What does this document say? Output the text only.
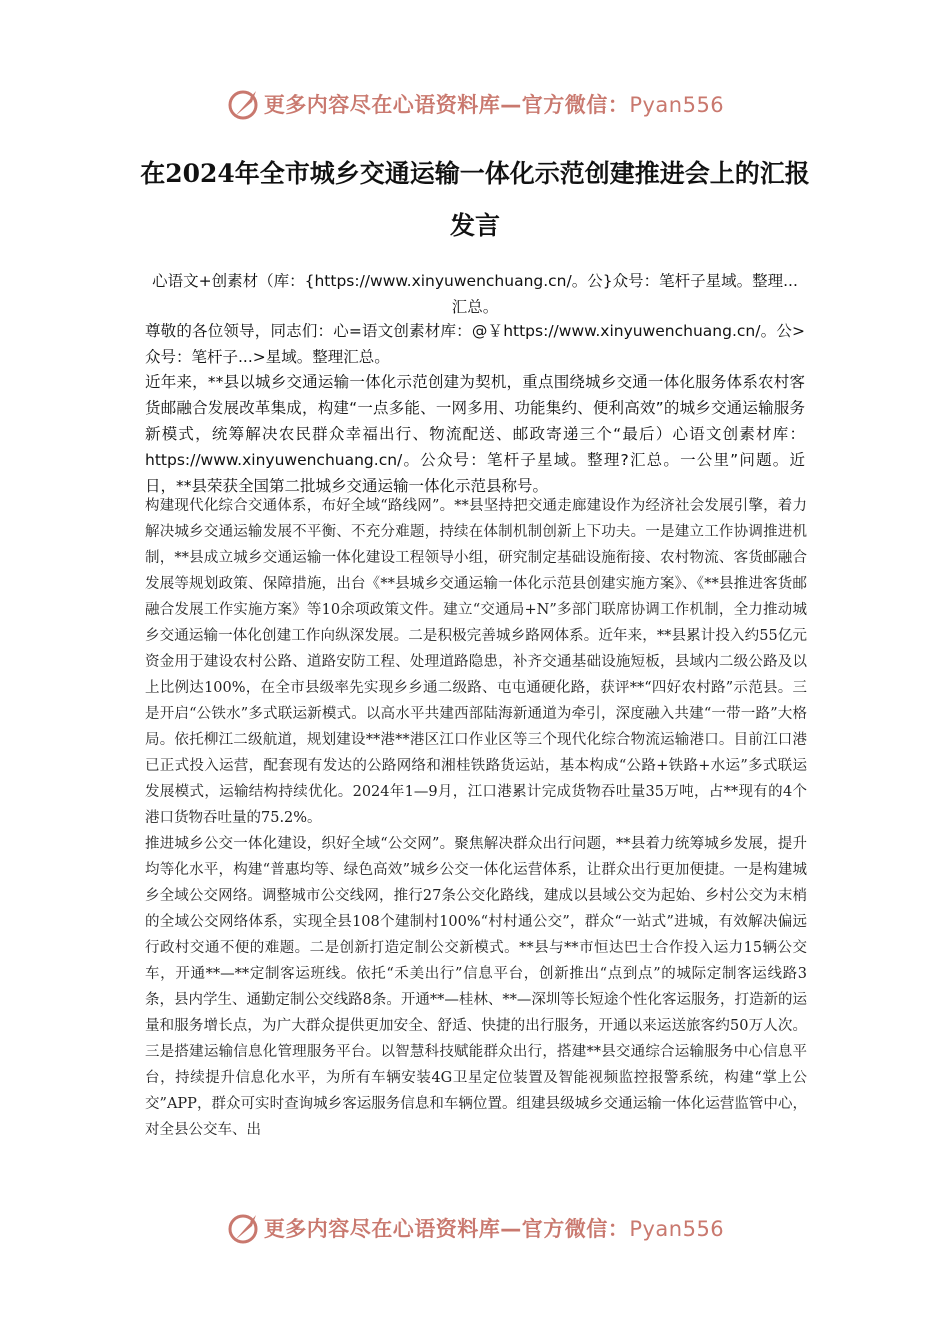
更多内容尽在心语资料库—官方微信：Pyan556
在2024年全市城乡交通运输一体化示范创建推进会上的汇报发言

心语文+创素材（库：{https://www.xinyuwenchuang.cn/。公}众号：笔杆子星域。整理...汇总。

尊敬的各位领导，同志们：心=语文创素材库：@￥https://www.xinyuwenchuang.cn/。公>众号：笔杆子...>星域。整理汇总。

近年来，**县以城乡交通运输一体化示范创建为契机，重点围绕城乡交通一体化服务体系农村客货邮融合发展改革集成，构建“一点多能、一网多用、功能集约、便利高效”的城乡交通运输服务新模式，统筹解决农民群众幸福出行、物流配送、邮政寄递三个“最后）心语文创素材库：https://www.xinyuwenchuang.cn/。公众号：笔杆子星域。整理?汇总。一公里”问题。近日，**县荣获全国第二批城乡交通运输一体化示范县称号。

构建现代化综合交通体系，布好全域“路线网”。**县坚持把交通走廊建设作为经济社会发展引擎，着力解决城乡交通运输发展不平衡、不充分难题，持续在体制机制创新上下功夫。一是建立工作协调推进机制，**县成立城乡交通运输一体化建设工程领导小组，研究制定基础设施衔接、农村物流、客货邮融合发展等规划政策、保障措施，出台《**县城乡交通运输一体化示范县创建实施方案》、《**县推进客货邮融合发展工作实施方案》等10余项政策文件。建立“交通局+N”多部门联席协调工作机制，全力推动城乡交通运输一体化创建工作向纵深发展。二是积极完善城乡路网体系。近年来，**县累计投入约55亿元资金用于建设农村公路、道路安防工程、处理道路隐患，补齐交通基础设施短板，县域内二级公路及以上比例达100%，在全市县级率先实现乡乡通二级路、屯屯通硬化路，获评**“四好农村路”示范县。三是开启“公铁水”多式联运新模式。以高水平共建西部陆海新通道为牵引，深度融入共建“一带一路”大格局。依托柳江二级航道，规划建设**港**港区江口作业区等三个现代化综合物流运输港口。目前江口港已正式投入运营，配套现有发达的公路网络和湘桂铁路货运站，基本构成“公路+铁路+水运”多式联运发展模式，运输结构持续优化。2024年1—9月，江口港累计完成货物吞吐量35万吨，占**现有的4个港口货物吞吐量的75.2%。

推进城乡公交一体化建设，织好全域“公交网”。聚焦解决群众出行问题，**县着力统筹城乡发展，提升均等化水平，构建“普惠均等、绿色高效”城乡公交一体化运营体系，让群众出行更加便捷。一是构建城乡全域公交网络。调整城市公交线网，推行27条公交化路线，建成以县域公交为起始、乡村公交为末梢的全域公交网络体系，实现全县108个建制村100%“村村通公交”，群众“一站式”进城，有效解决偏远行政村交通不便的难题。二是创新打造定制公交新模式。**县与**市恒达巴士合作投入运力15辆公交车，开通**—**定制客运班线。依托“禾美出行”信息平台，创新推出“点到点”的城际定制客运线路3条，县内学生、通勤定制公交线路8条。开通**—桂林、**—深圳等长短途个性化客运服务，打造新的运量和服务增长点，为广大群众提供更加安全、舒适、快捷的出行服务，开通以来运送旅客约50万人次。三是搭建运输信息化管理服务平台。以智慧科技赋能群众出行，搭建**县交通综合运输服务中心信息平台，持续提升信息化水平，为所有车辆安装4G卫星定位装置及智能视频监控报警系统，构建“掌上公交”APP，群众可实时查询城乡客运服务信息和车辆位置。组建县级城乡交通运输一体化运营监管中心，对全县公交车、出

更多内容尽在心语资料库—官方微信：Pyan556
